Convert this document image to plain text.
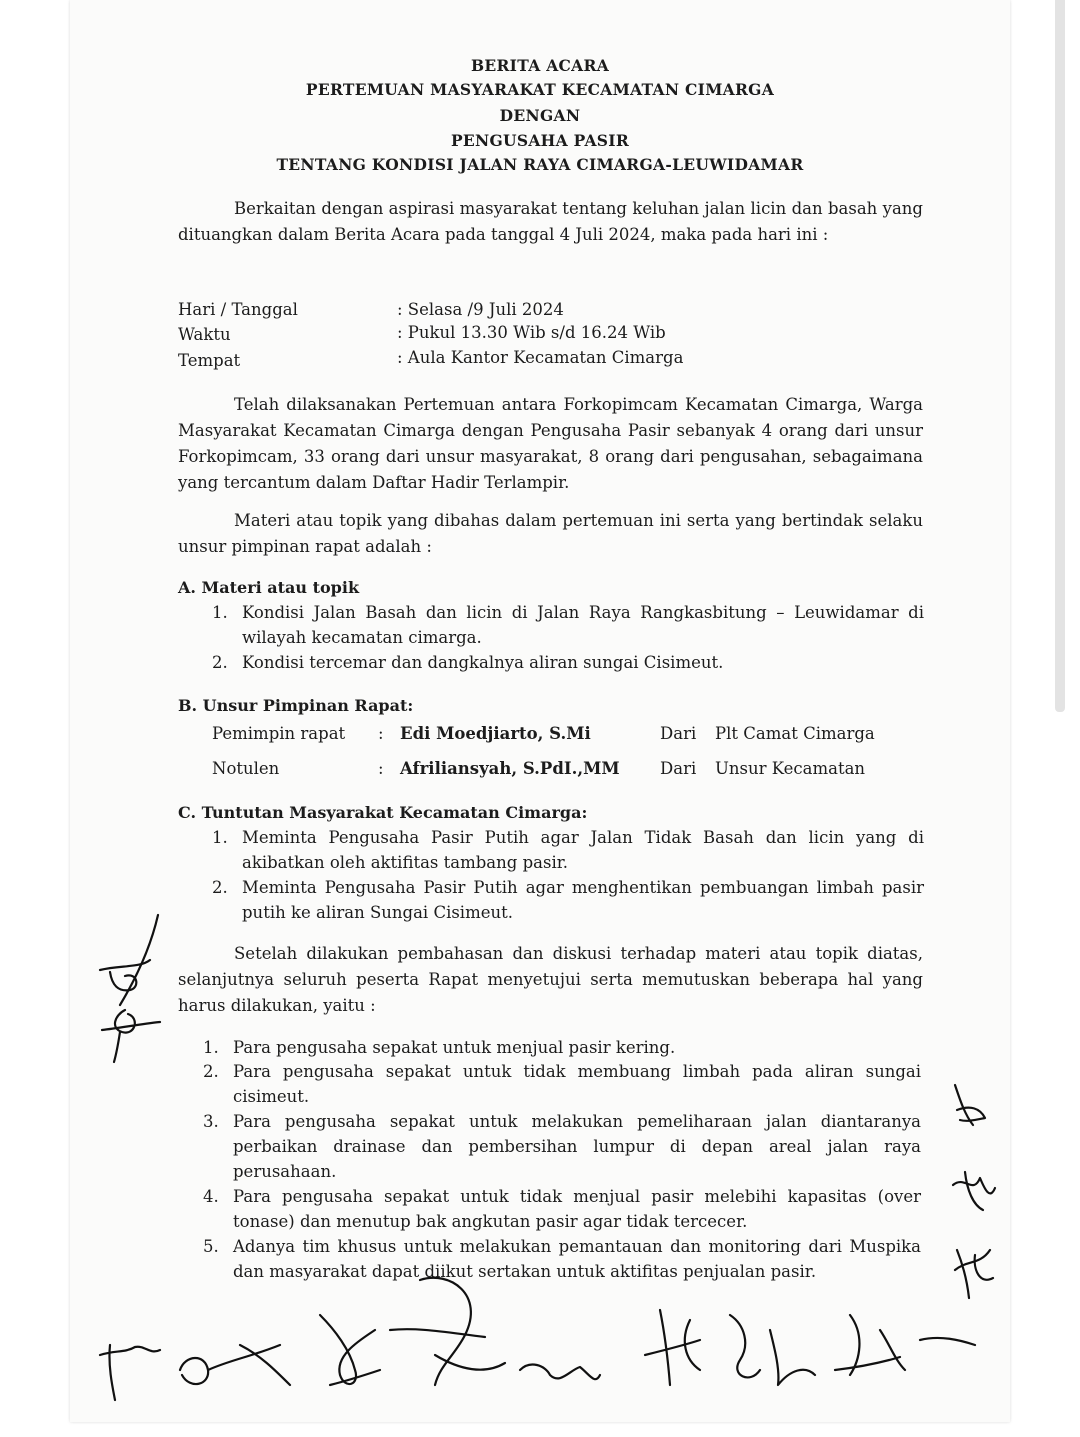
BERITA ACARA
PERTEMUAN MASYARAKAT KECAMATAN CIMARGA
DENGAN
PENGUSAHA PASIR
TENTANG KONDISI JALAN RAYA CIMARGA-LEUWIDAMAR
Berkaitan dengan aspirasi masyarakat tentang keluhan jalan licin dan basah yang dituangkan dalam Berita Acara pada tanggal 4 Juli 2024, maka pada hari ini :
Hari / Tanggal	: Selasa /9 Juli 2024
Waktu	: Pukul 13.30 Wib s/d 16.24 Wib
Tempat	: Aula Kantor Kecamatan Cimarga
Telah dilaksanakan Pertemuan antara Forkopimcam Kecamatan Cimarga, Warga Masyarakat Kecamatan Cimarga dengan Pengusaha Pasir sebanyak 4 orang dari unsur Forkopimcam, 33 orang dari unsur masyarakat, 8 orang dari pengusahan, sebagaimana yang tercantum dalam Daftar Hadir Terlampir.
Materi atau topik yang dibahas dalam pertemuan ini serta yang bertindak selaku unsur pimpinan rapat adalah :
A. Materi atau topik
1. Kondisi Jalan Basah dan licin di Jalan Raya Rangkasbitung – Leuwidamar di wilayah kecamatan cimarga.
2. Kondisi tercemar dan dangkalnya aliran sungai Cisimeut.
B. Unsur Pimpinan Rapat:
Pemimpin rapat : Edi Moedjiarto, S.Mi	Dari Plt Camat Cimarga
Notulen	: Afriliansyah, S.PdI.,MM Dari Unsur Kecamatan
C. Tuntutan Masyarakat Kecamatan Cimarga:
1. Meminta Pengusaha Pasir Putih agar Jalan Tidak Basah dan licin yang di akibatkan oleh aktifitas tambang pasir.
2. Meminta Pengusaha Pasir Putih agar menghentikan pembuangan limbah pasir putih ke aliran Sungai Cisimeut.
Setelah dilakukan pembahasan dan diskusi terhadap materi atau topik diatas, selanjutnya seluruh peserta Rapat menyetujui serta memutuskan beberapa hal yang harus dilakukan, yaitu :
1. Para pengusaha sepakat untuk menjual pasir kering.
2. Para pengusaha sepakat untuk tidak membuang limbah pada aliran sungai cisimeut.
3. Para pengusaha sepakat untuk melakukan pemeliharaan jalan diantaranya perbaikan drainase dan pembersihan lumpur di depan areal jalan raya perusahaan.
4. Para pengusaha sepakat untuk tidak menjual pasir melebihi kapasitas (over tonase) dan menutup bak angkutan pasir agar tidak tercecer.
5. Adanya tim khusus untuk melakukan pemantauan dan monitoring dari Muspika dan masyarakat dapat diikut sertakan untuk aktifitas penjualan pasir.
